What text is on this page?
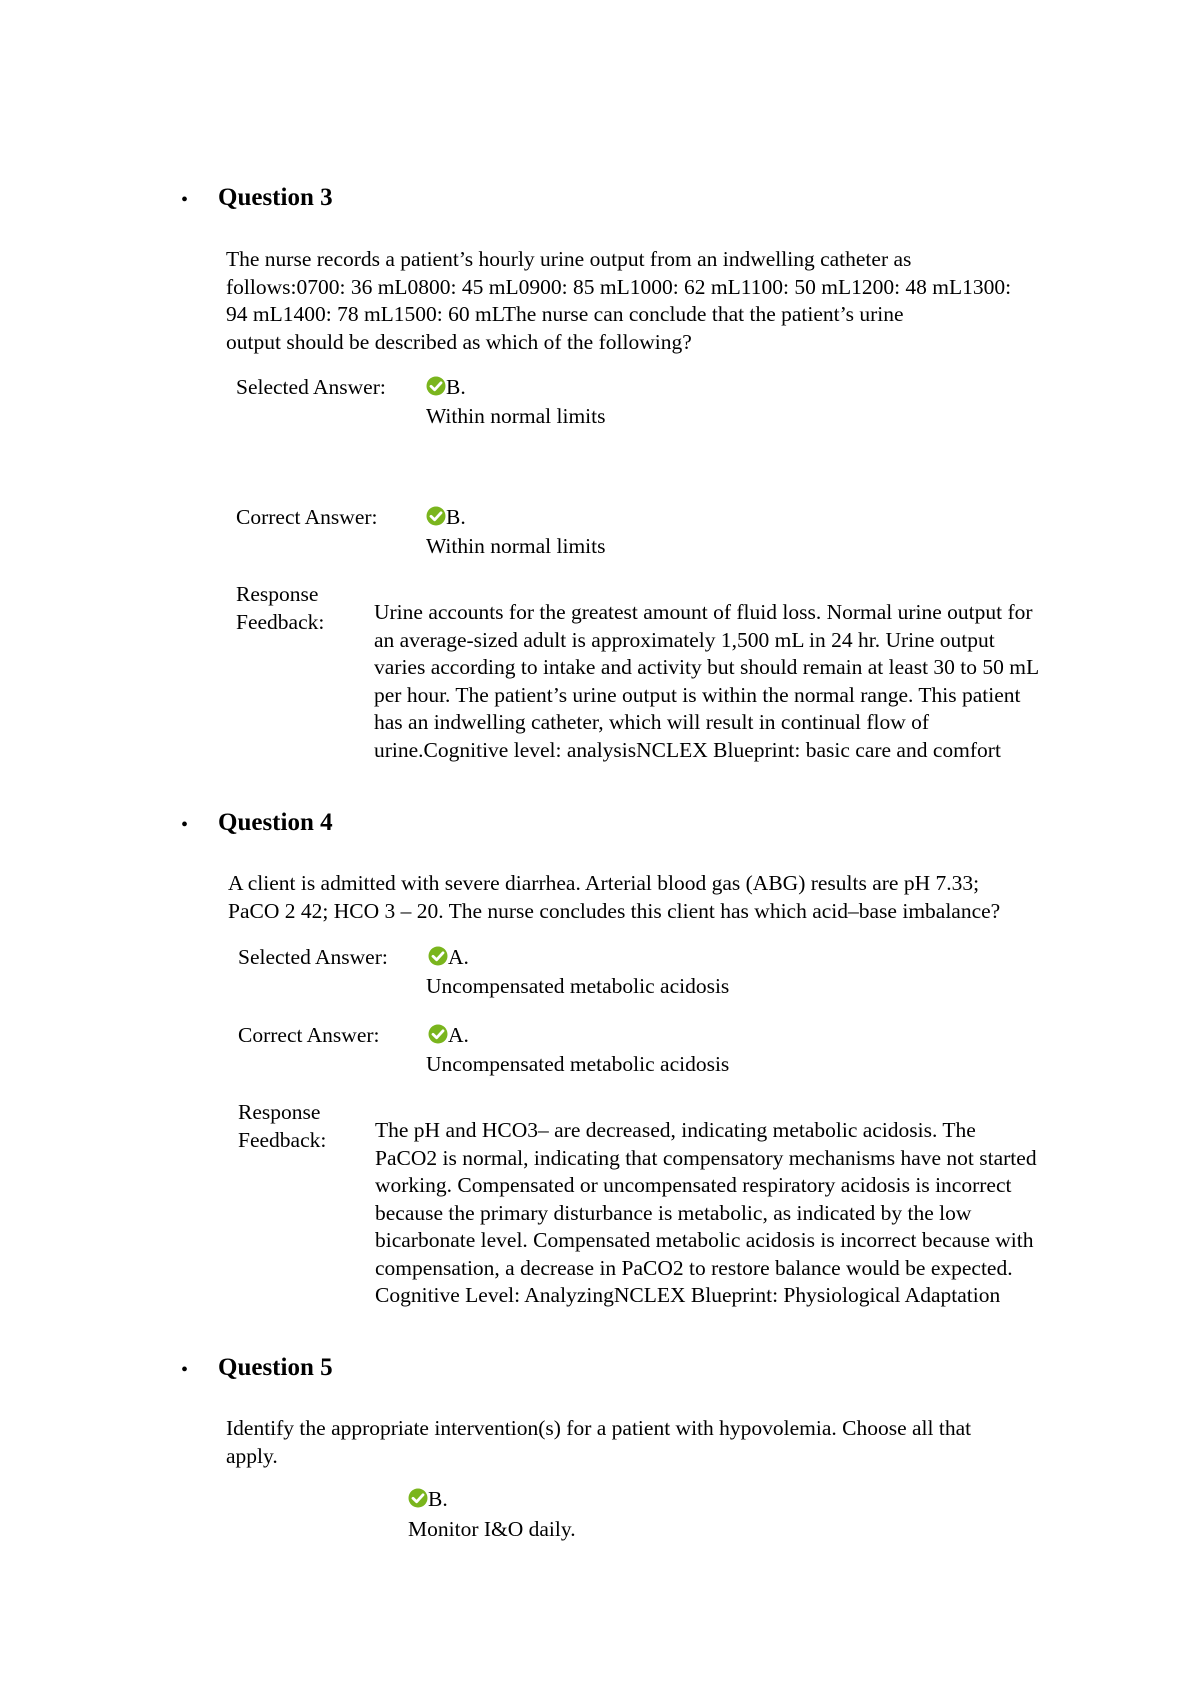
• Question 3
The nurse records a patient’s hourly urine output from an indwelling catheter as
follows:0700: 36 mL0800: 45 mL0900: 85 mL1000: 62 mL1100: 50 mL1200: 48 mL1300:
94 mL1400: 78 mL1500: 60 mLThe nurse can conclude that the patient’s urine
output should be described as which of the following?
Selected Answer:	B.
Within normal limits
Correct Answer:	B.
Within normal limits
Response
Feedback: Urine accounts for the greatest amount of fluid loss. Normal urine output for
an average-sized adult is approximately 1,500 mL in 24 hr. Urine output
varies according to intake and activity but should remain at least 30 to 50 mL
per hour. The patient’s urine output is within the normal range. This patient
has an indwelling catheter, which will result in continual flow of
urine.Cognitive level: analysisNCLEX Blueprint: basic care and comfort
• Question 4
A client is admitted with severe diarrhea. Arterial blood gas (ABG) results are pH 7.33;
PaCO 2 42; HCO 3 – 20. The nurse concludes this client has which acid–base imbalance?
Selected Answer:	A.
Uncompensated metabolic acidosis
Correct Answer:	A.
Uncompensated metabolic acidosis
Response
Feedback: The pH and HCO3– are decreased, indicating metabolic acidosis. The
PaCO2 is normal, indicating that compensatory mechanisms have not started
working. Compensated or uncompensated respiratory acidosis is incorrect
because the primary disturbance is metabolic, as indicated by the low
bicarbonate level. Compensated metabolic acidosis is incorrect because with
compensation, a decrease in PaCO2 to restore balance would be expected.
Cognitive Level: AnalyzingNCLEX Blueprint: Physiological Adaptation
• Question 5
Identify the appropriate intervention(s) for a patient with hypovolemia. Choose all that
apply.
B.
Monitor I&O daily.
